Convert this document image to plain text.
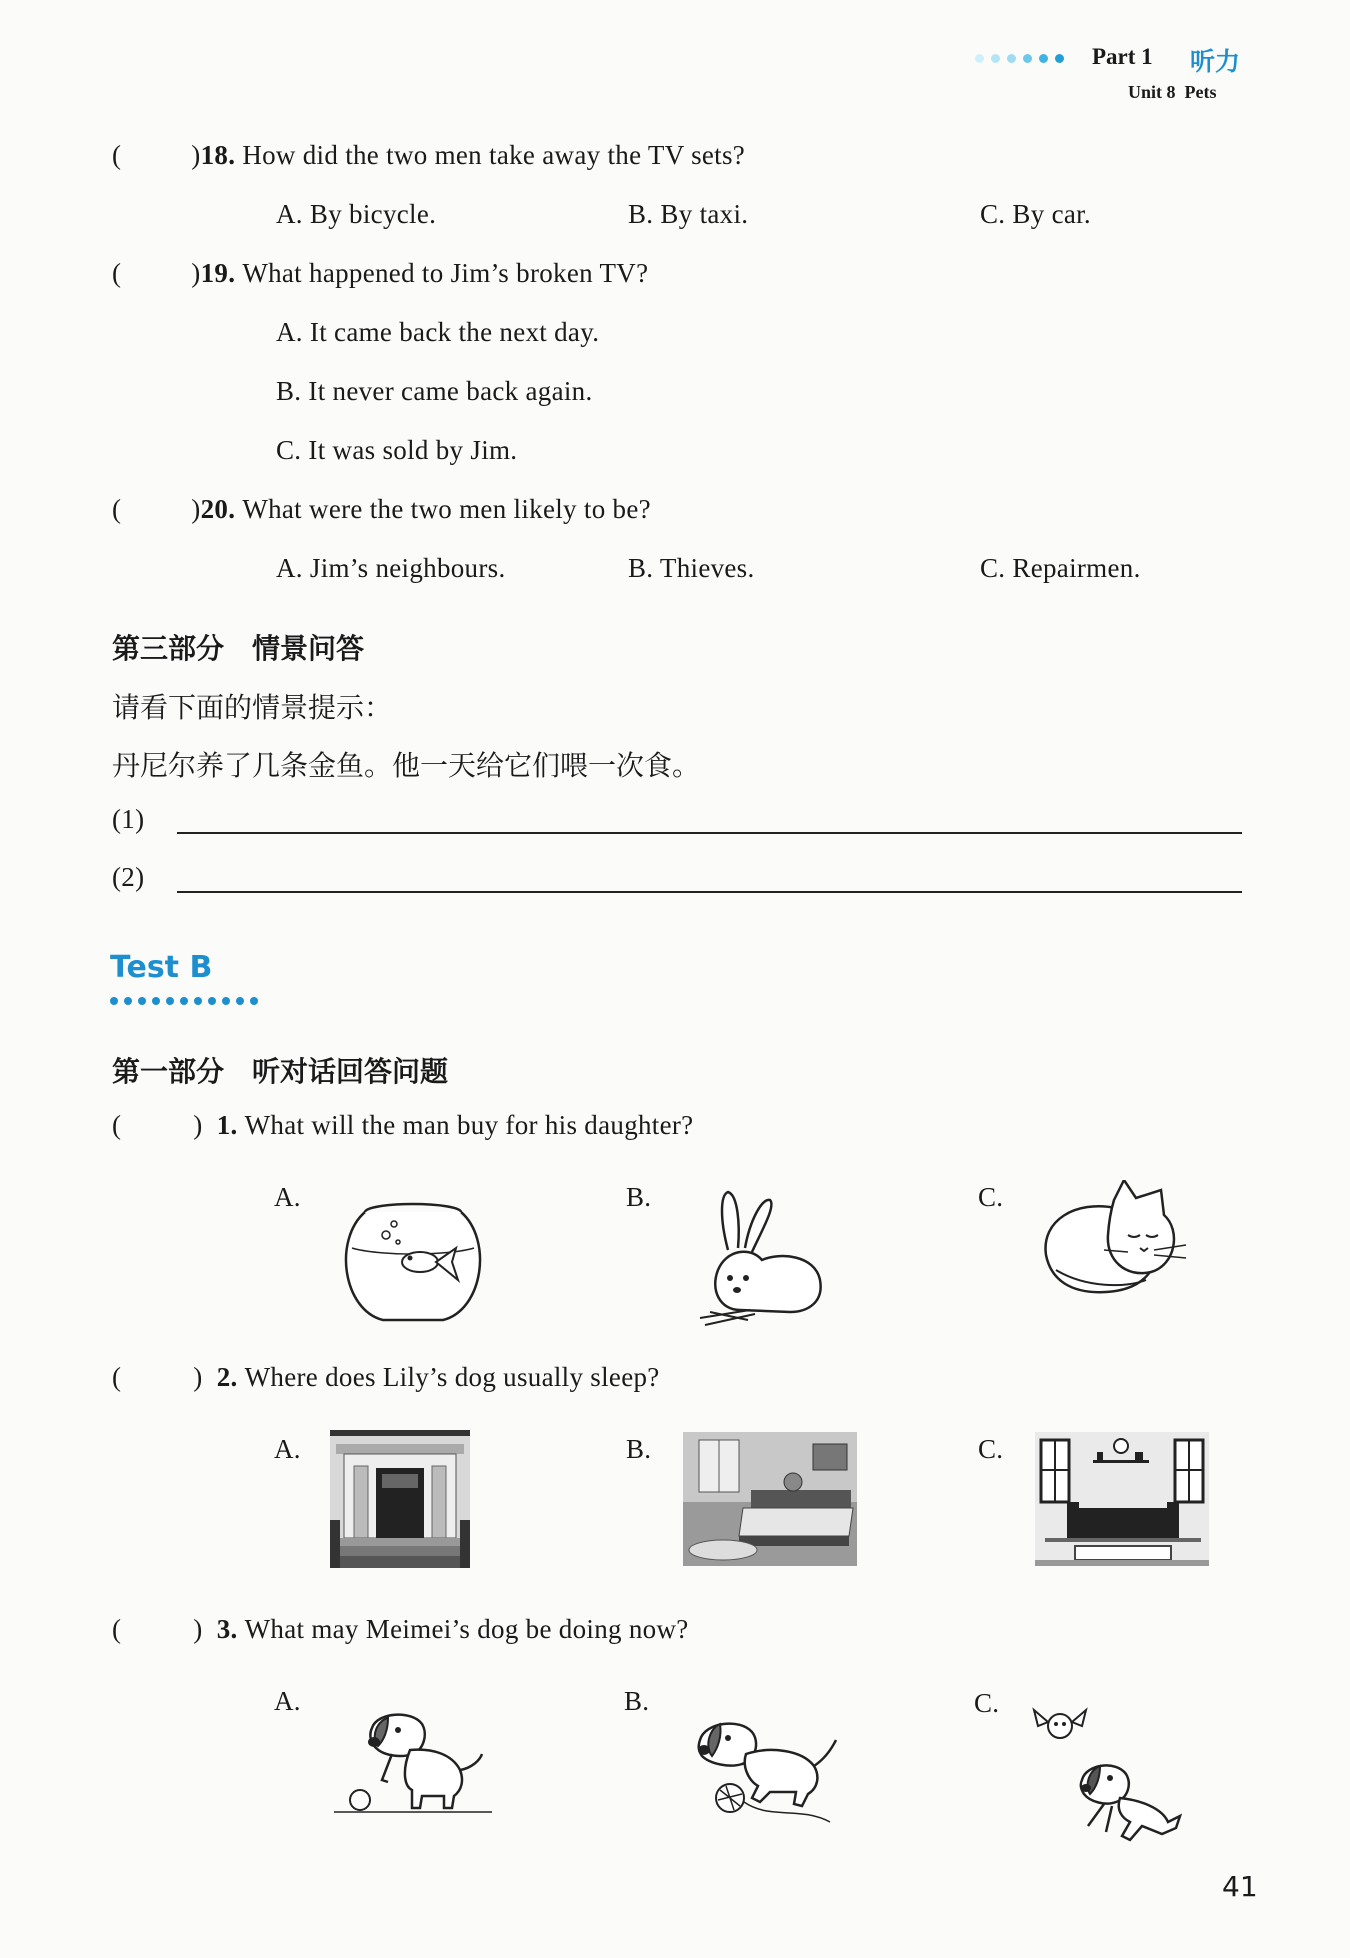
Part 1 听力
Unit 8 Pets
(	)18. How did the two men take away the TV sets?
A. By bicycle.	B. By taxi.	C. By car.
(	)19. What happened to Jim’s broken TV?
A. It came back the next day.
B. It never came back again.
C. It was sold by Jim.
(	)20. What were the two men likely to be?
A. Jim’s neighbours.	B. Thieves.	C. Repairmen.
第三部分　情景问答
请看下面的情景提示：
丹尼尔养了几条金鱼。他一天给它们喂一次食。
(1)
(2)
Test B
第一部分　听对话回答问题
(	) 1. What will the man buy for his daughter?
A.	B.	C.
(	) 2. Where does Lily’s dog usually sleep?
A.	B.	C.
(	) 3. What may Meimei’s dog be doing now?
A.	B.	C.
41
